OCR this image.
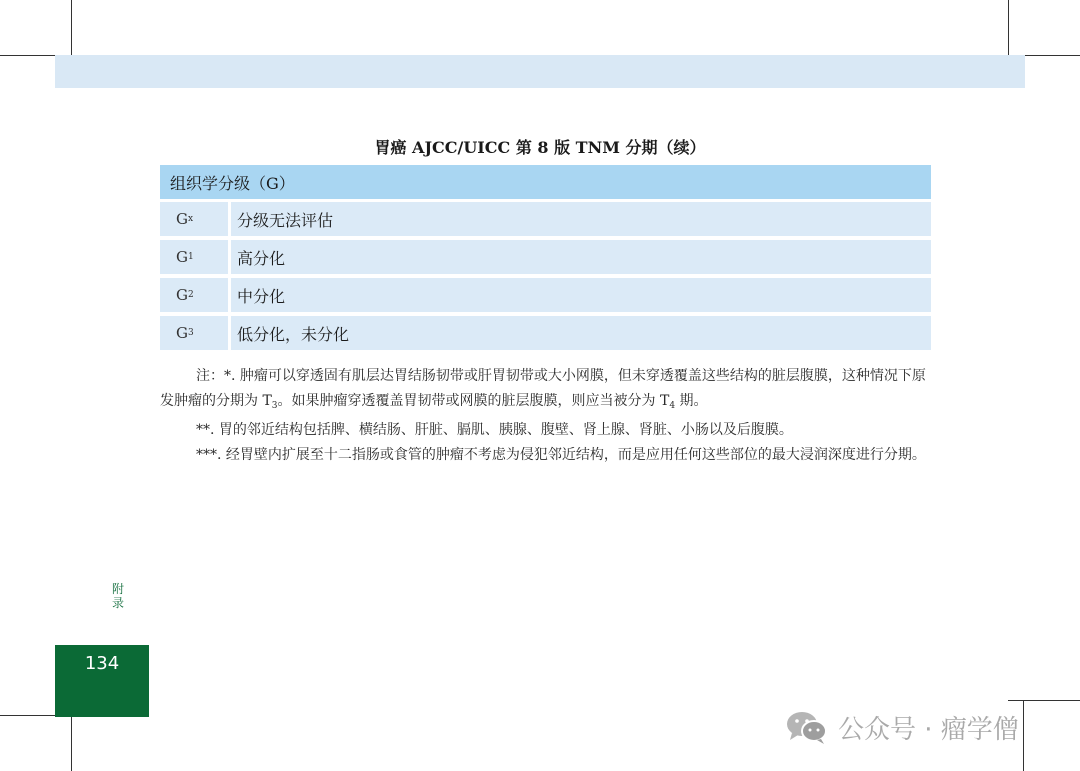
胃癌 AJCC/UICC 第 8 版 TNM 分期（续）
组织学分级（G）
G x	分级无法评估
G 1	高分化
G 2	中分化
G 3	低分化，未分化

注：*. 肿瘤可以穿透固有肌层达胃结肠韧带或肝胃韧带或大小网膜，但未穿透覆盖这些结构的脏层腹膜，这种情况下原发肿瘤的分期为 $T_3$。如果肿瘤穿透覆盖胃韧带或网膜的脏层腹膜，则应当被分为 $T_4$ 期。

**. 胃的邻近结构包括脾、横结肠、肝脏、膈肌、胰腺、腹壁、肾上腺、肾脏、小肠以及后腹膜。

***. 经胃壁内扩展至十二指肠或食管的肿瘤不考虑为侵犯邻近结构，而是应用任何这些部位的最大浸润深度进行分期。

附录
134
公众号 · 瘤学僧
